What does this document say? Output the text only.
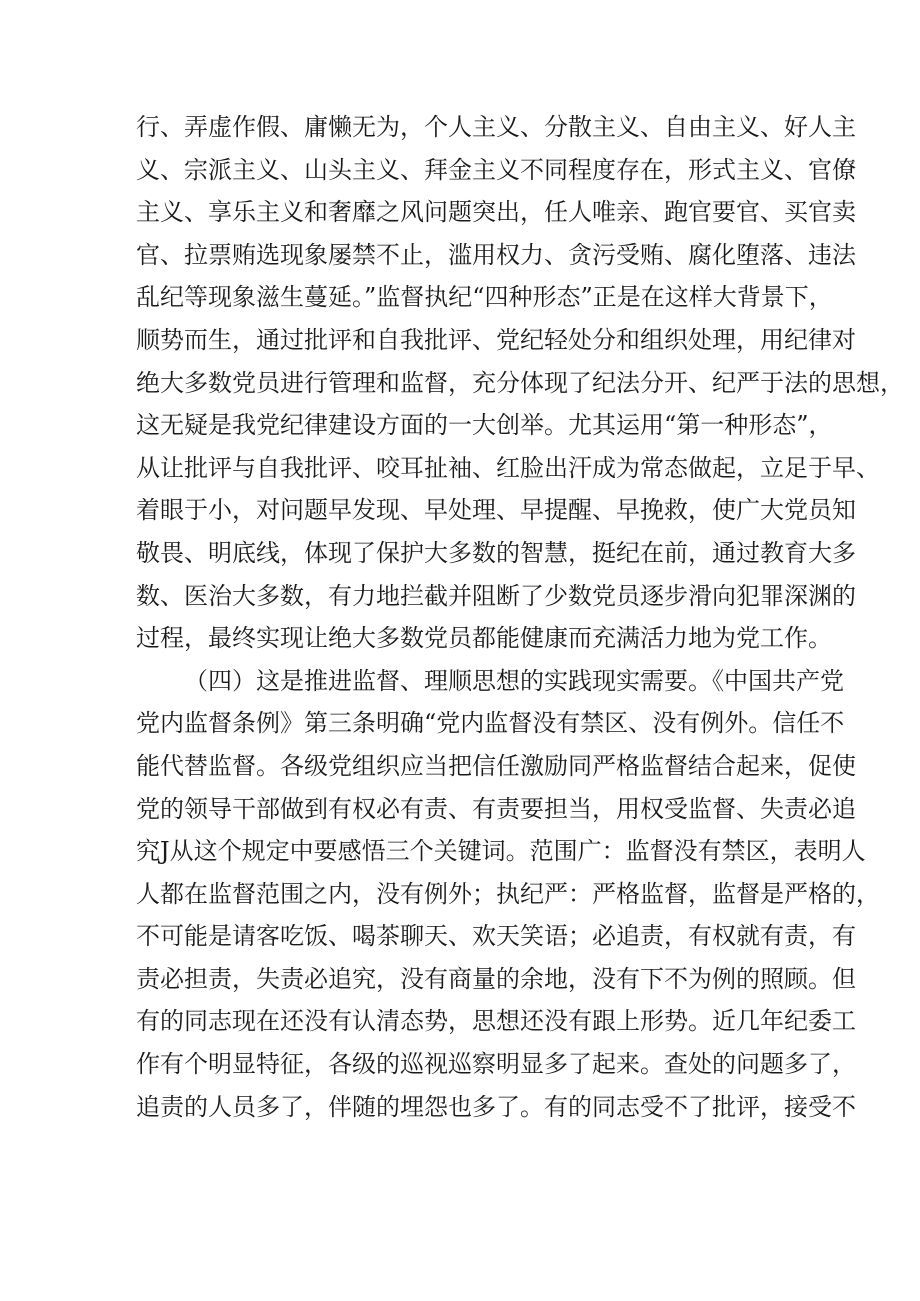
行、弄虚作假、庸懒无为，个人主义、分散主义、自由主义、好人主
义、宗派主义、山头主义、拜金主义不同程度存在，形式主义、官僚
主义、享乐主义和奢靡之风问题突出，任人唯亲、跑官要官、买官卖
官、拉票贿选现象屡禁不止，滥用权力、贪污受贿、腐化堕落、违法
乱纪等现象滋生蔓延。”监督执纪“四种形态”正是在这样大背景下，
顺势而生，通过批评和自我批评、党纪轻处分和组织处理，用纪律对
绝大多数党员进行管理和监督，充分体现了纪法分开、纪严于法的思想，
这无疑是我党纪律建设方面的一大创举。尤其运用“第一种形态”，
从让批评与自我批评、咬耳扯袖、红脸出汗成为常态做起，立足于早、
着眼于小，对问题早发现、早处理、早提醒、早挽救，使广大党员知
敬畏、明底线，体现了保护大多数的智慧，挺纪在前，通过教育大多
数、医治大多数，有力地拦截并阻断了少数党员逐步滑向犯罪深渊的
过程，最终实现让绝大多数党员都能健康而充满活力地为党工作。
（四）这是推进监督、理顺思想的实践现实需要。《中国共产党
党内监督条例》第三条明确“党内监督没有禁区、没有例外。信任不
能代替监督。各级党组织应当把信任激励同严格监督结合起来，促使
党的领导干部做到有权必有责、有责要担当，用权受监督、失责必追
究J从这个规定中要感悟三个关键词。范围广：监督没有禁区，表明人
人都在监督范围之内，没有例外；执纪严：严格监督，监督是严格的，
不可能是请客吃饭、喝茶聊天、欢天笑语；必追责，有权就有责，有
责必担责，失责必追究，没有商量的余地，没有下不为例的照顾。但
有的同志现在还没有认清态势，思想还没有跟上形势。近几年纪委工
作有个明显特征，各级的巡视巡察明显多了起来。查处的问题多了，
追责的人员多了，伴随的埋怨也多了。有的同志受不了批评，接受不
